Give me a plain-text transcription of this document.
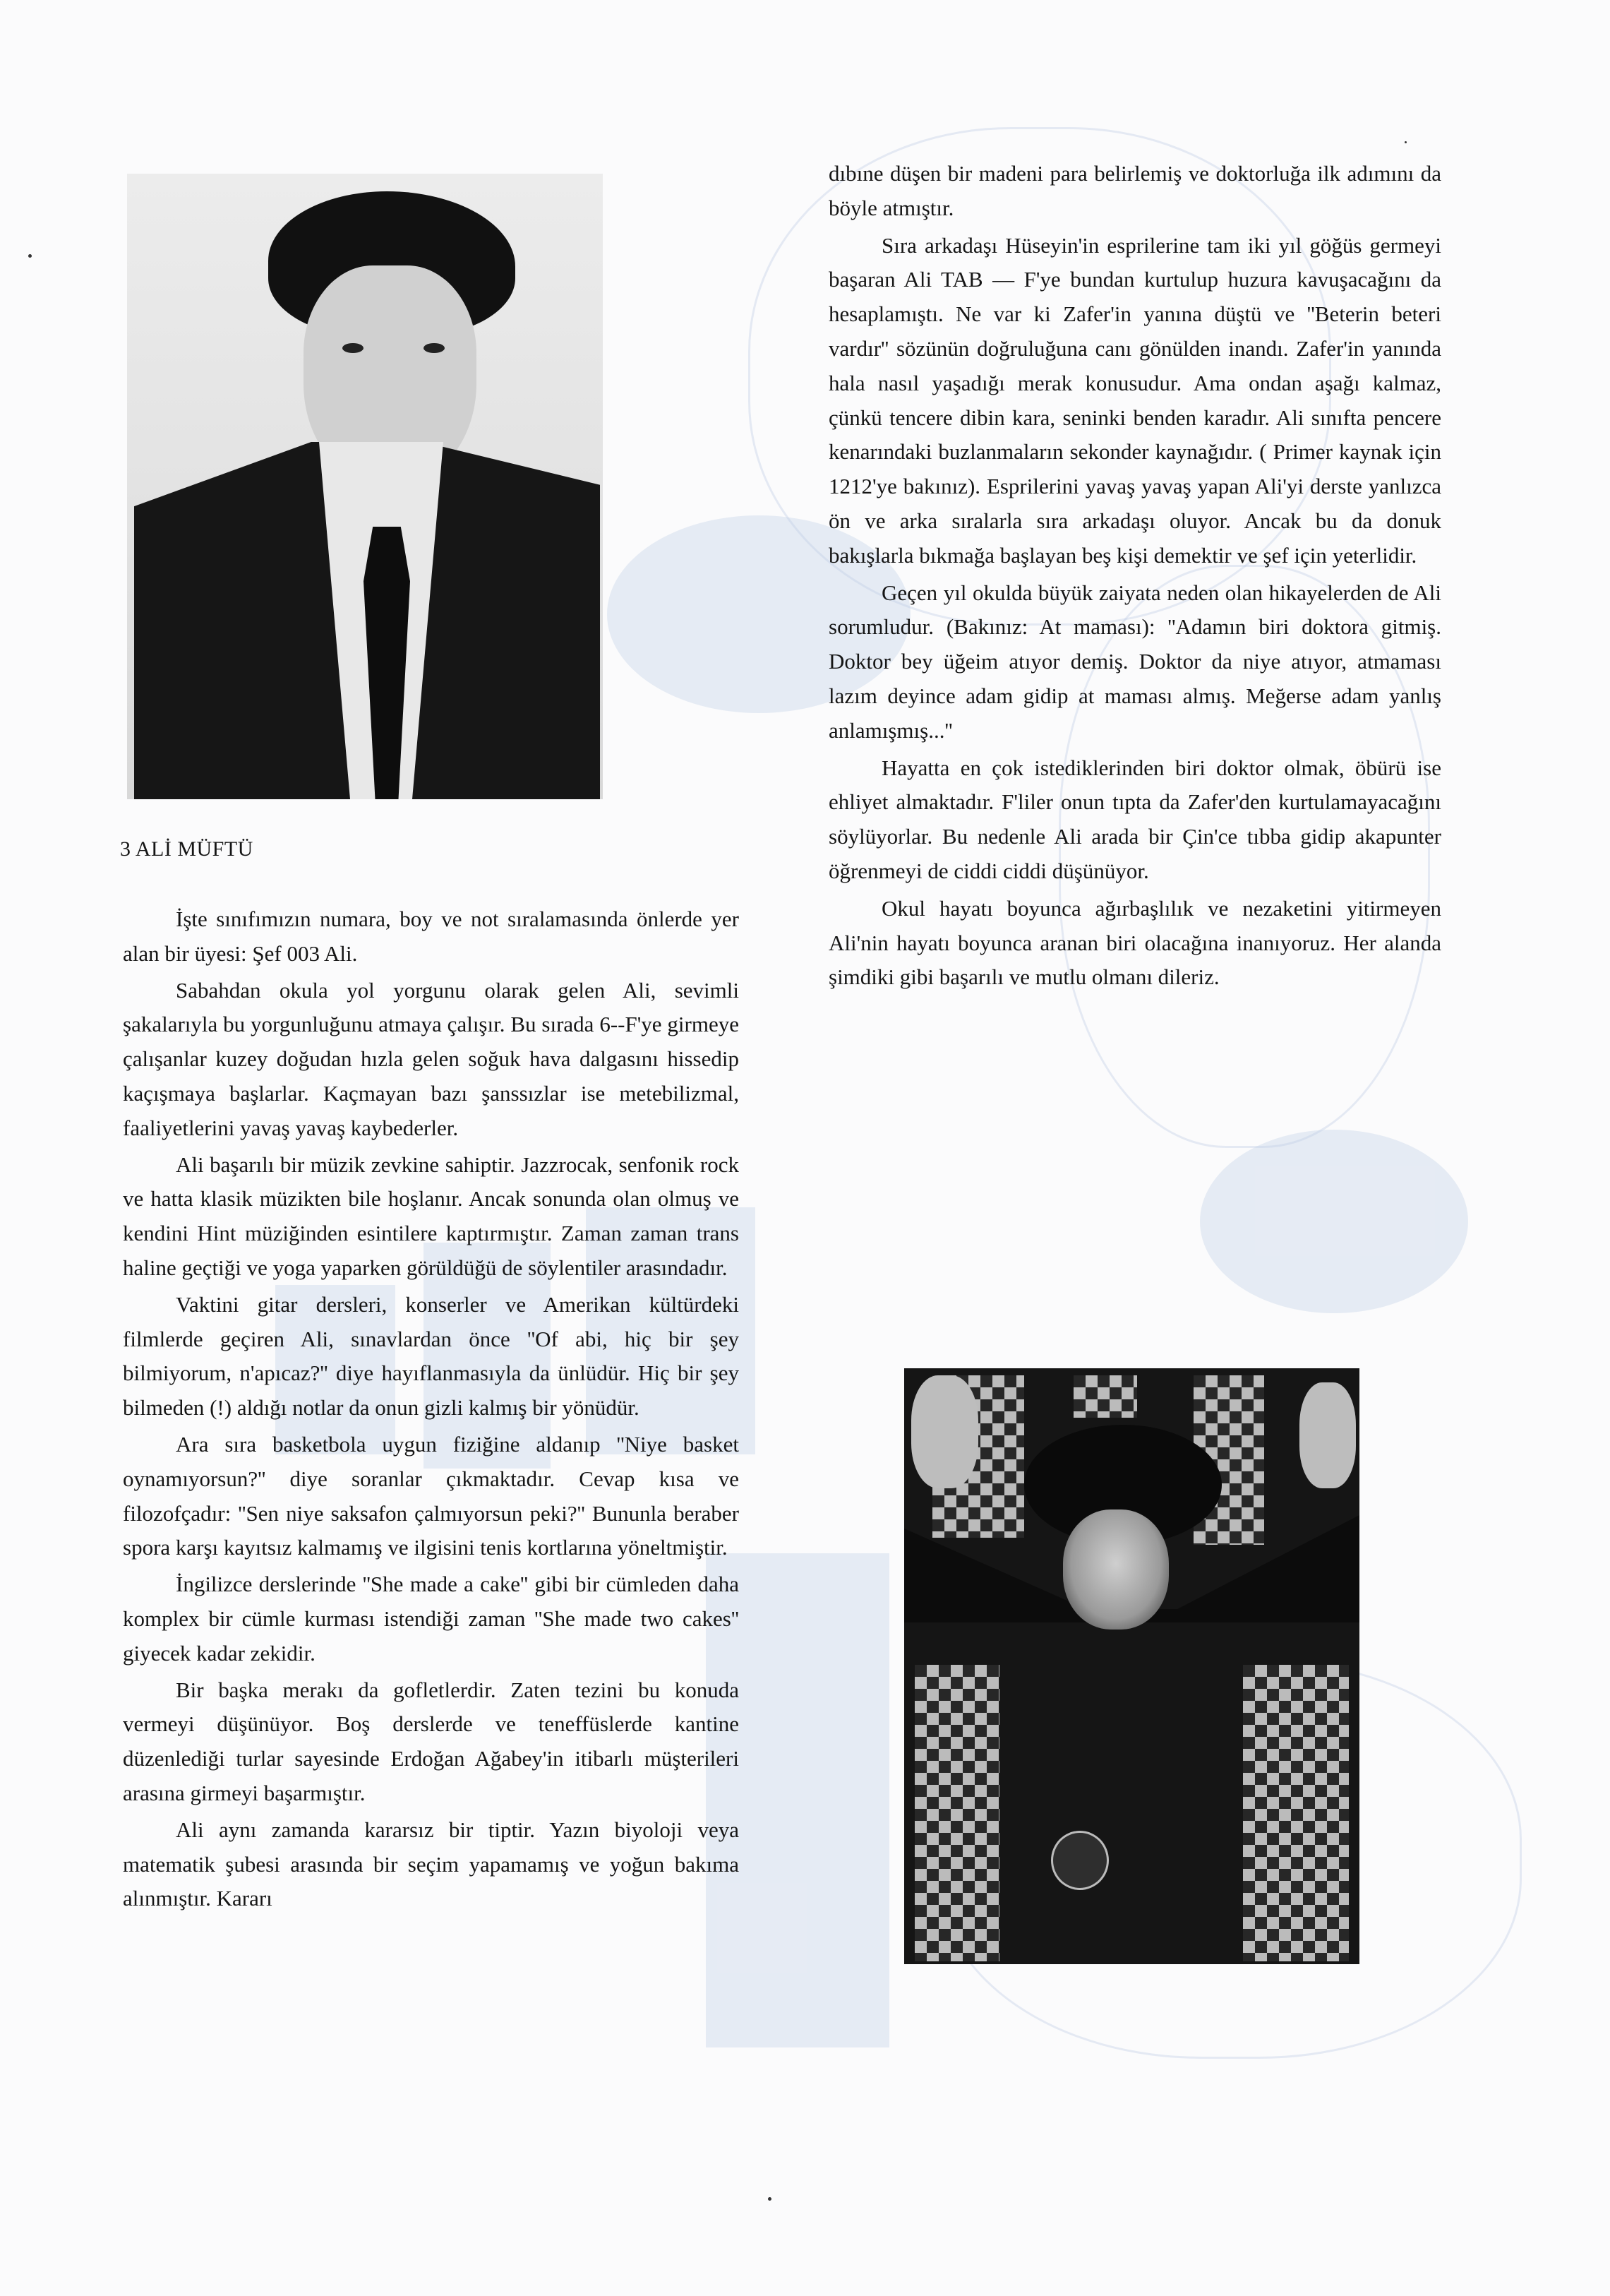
3 ALİ MÜFTÜ

İşte sınıfımızın numara, boy ve not sıralamasında önlerde yer alan bir üyesi: Şef 003 Ali.

Sabahdan okula yol yorgunu olarak gelen Ali, sevimli şakalarıyla bu yorgunluğunu atmaya çalışır. Bu sırada 6--F'ye girmeye çalışanlar kuzey doğudan hızla gelen soğuk hava dalgasını hissedip kaçışmaya başlarlar. Kaçmayan bazı şanssızlar ise metebilizmal, faaliyetlerini yavaş yavaş kaybederler.

Ali başarılı bir müzik zevkine sahiptir. Jazzrocak, senfonik rock ve hatta klasik müzikten bile hoşlanır. Ancak sonunda olan olmuş ve kendini Hint müziğinden esintilere kaptırmıştır. Zaman zaman trans haline geçtiği ve yoga yaparken görüldüğü de söylentiler arasındadır.

Vaktini gitar dersleri, konserler ve Amerikan kültürdeki filmlerde geçiren Ali, sınavlardan önce ''Of abi, hiç bir şey bilmiyorum, n'apıcaz?'' diye hayıflanmasıyla da ünlüdür. Hiç bir şey bilmeden (!) aldığı notlar da onun gizli kalmış bir yönüdür.

Ara sıra basketbola uygun fiziğine aldanıp ''Niye basket oynamıyorsun?'' diye soranlar çıkmaktadır. Cevap kısa ve filozofçadır: ''Sen niye saksafon çalmıyorsun peki?'' Bununla beraber spora karşı kayıtsız kalmamış ve ilgisini tenis kortlarına yöneltmiştir.

İngilizce derslerinde ''She made a cake'' gibi bir cümleden daha komplex bir cümle kurması istendiği zaman ''She made two cakes'' giyecek kadar zekidir.

Bir başka merakı da gofletlerdir. Zaten tezini bu konuda vermeyi düşünüyor. Boş derslerde ve teneffüslerde kantine düzenlediği turlar sayesinde Erdoğan Ağabey'in itibarlı müşterileri arasına girmeyi başarmıştır.

Ali aynı zamanda kararsız bir tiptir. Yazın biyoloji veya matematik şubesi arasında bir seçim yapamamış ve yoğun bakıma alınmıştır. Kararı

dıbıne düşen bir madeni para belirlemiş ve doktorluğa ilk adımını da böyle atmıştır.

Sıra arkadaşı Hüseyin'in esprilerine tam iki yıl göğüs germeyi başaran Ali TAB — F'ye bundan kurtulup huzura kavuşacağını da hesaplamıştı. Ne var ki Zafer'in yanına düştü ve ''Beterin beteri vardır'' sözünün doğruluğuna canı gönülden inandı. Zafer'in yanında hala nasıl yaşadığı merak konusudur. Ama ondan aşağı kalmaz, çünkü tencere dibin kara, seninki benden karadır. Ali sınıfta pencere kenarındaki buzlanmaların sekonder kaynağıdır. ( Primer kaynak için 1212'ye bakınız). Esprilerini yavaş yavaş yapan Ali'yi derste yanlızca ön ve arka sıralarla sıra arkadaşı oluyor. Ancak bu da donuk bakışlarla bıkmağa başlayan beş kişi demektir ve şef için yeterlidir.

Geçen yıl okulda büyük zaiyata neden olan hikayelerden de Ali sorumludur. (Bakınız: At maması): ''Adamın biri doktora gitmiş. Doktor bey üğeim atıyor demiş. Doktor da niye atıyor, atmaması lazım deyince adam gidip at maması almış. Meğerse adam yanlış anlamışmış...''

Hayatta en çok istediklerinden biri doktor olmak, öbürü ise ehliyet almaktadır. F'liler onun tıpta da Zafer'den kurtulamayacağını söylüyorlar. Bu nedenle Ali arada bir Çin'ce tıbba gidip akapunter öğrenmeyi de ciddi ciddi düşünüyor.

Okul hayatı boyunca ağırbaşlılık ve nezaketini yitirmeyen Ali'nin hayatı boyunca aranan biri olacağına inanıyoruz. Her alanda şimdiki gibi başarılı ve mutlu olmanı dileriz.
